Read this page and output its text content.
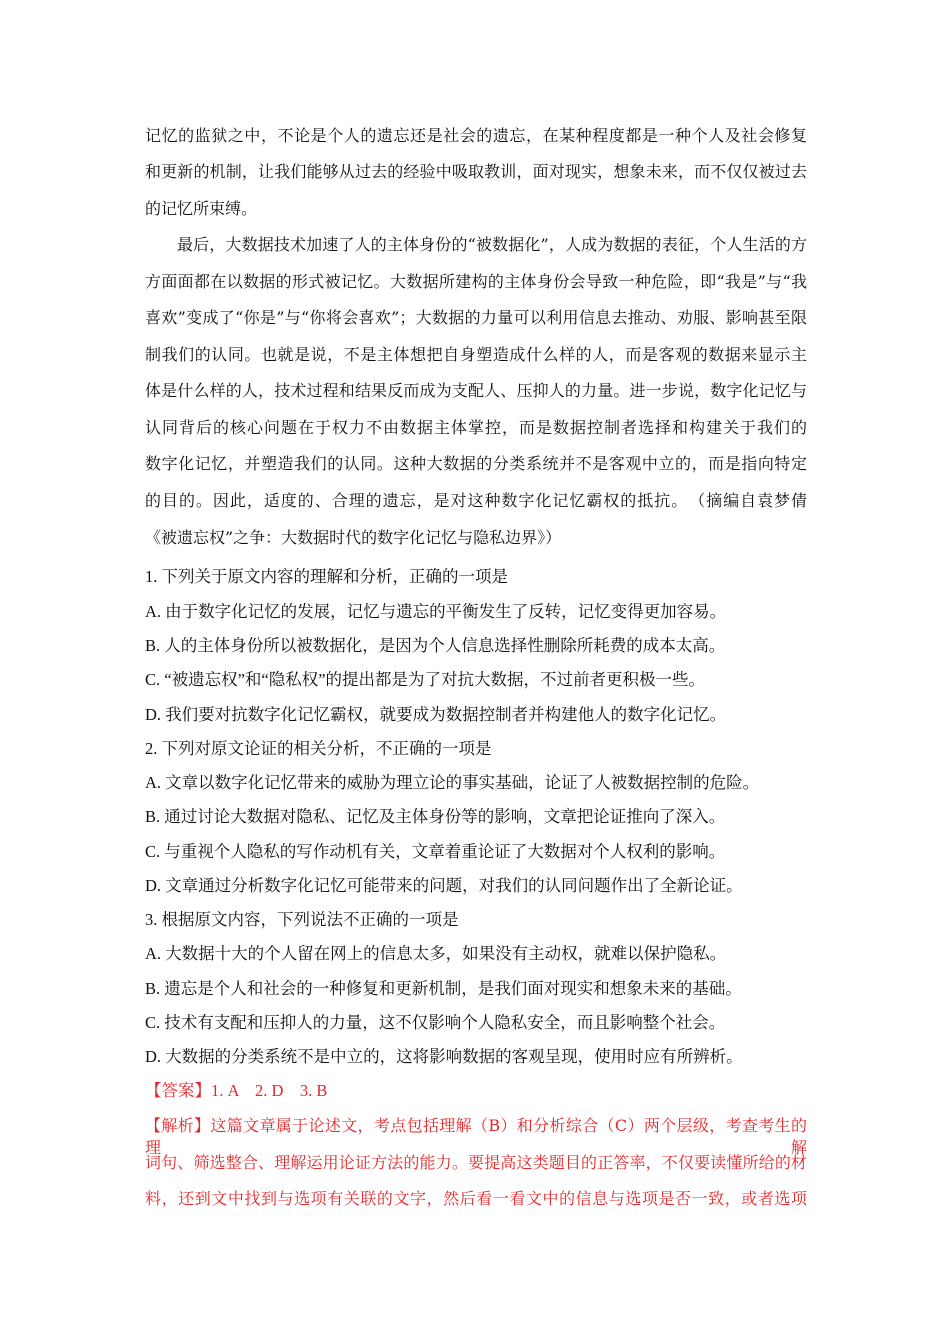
记忆的监狱之中，不论是个人的遗忘还是社会的遗忘，在某种程度都是一种个人及社会修复
和更新的机制，让我们能够从过去的经验中吸取教训，面对现实，想象未来，而不仅仅被过去
的记忆所束缚。
最后，大数据技术加速了人的主体身份的“被数据化”，人成为数据的表征，个人生活的方
方面面都在以数据的形式被记忆。大数据所建构的主体身份会导致一种危险，即“我是”与“我
喜欢”变成了“你是”与“你将会喜欢”；大数据的力量可以利用信息去推动、劝服、影响甚至限
制我们的认同。也就是说，不是主体想把自身塑造成什么样的人，而是客观的数据来显示主
体是什么样的人，技术过程和结果反而成为支配人、压抑人的力量。进一步说，数字化记忆与
认同背后的核心问题在于权力不由数据主体掌控，而是数据控制者选择和构建关于我们的
数字化记忆，并塑造我们的认同。这种大数据的分类系统并不是客观中立的，而是指向特定
的目的。因此，适度的、合理的遗忘，是对这种数字化记忆霸权的抵抗。　（摘编自袁梦倩
《被遗忘权”之争：大数据时代的数字化记忆与隐私边界》）
1. 下列关于原文内容的理解和分析，正确的一项是
A. 由于数字化记忆的发展，记忆与遗忘的平衡发生了反转，记忆变得更加容易。
B. 人的主体身份所以被数据化，是因为个人信息选择性删除所耗费的成本太高。
C. “被遗忘权”和“隐私权”的提出都是为了对抗大数据，不过前者更积极一些。
D. 我们要对抗数字化记忆霸权，就要成为数据控制者并构建他人的数字化记忆。
2. 下列对原文论证的相关分析，不正确的一项是
A. 文章以数字化记忆带来的威胁为理立论的事实基础，论证了人被数据控制的危险。
B. 通过讨论大数据对隐私、记忆及主体身份等的影响，文章把论证推向了深入。
C. 与重视个人隐私的写作动机有关，文章着重论证了大数据对个人权利的影响。
D. 文章通过分析数字化记忆可能带来的问题，对我们的认同问题作出了全新论证。
3. 根据原文内容，下列说法不正确的一项是
A. 大数据十大的个人留在网上的信息太多，如果没有主动权，就难以保护隐私。
B. 遗忘是个人和社会的一种修复和更新机制，是我们面对现实和想象未来的基础。
C. 技术有支配和压抑人的力量，这不仅影响个人隐私安全，而且影响整个社会。
D. 大数据的分类系统不是中立的，这将影响数据的客观呈现，使用时应有所辨析。
【答案】1. A　2. D　3. B
【解析】这篇文章属于论述文，考点包括理解（B）和分析综合（C）两个层级，考查考生的理解
词句、筛选整合、理解运用论证方法的能力。要提高这类题目的正答率，不仅要读懂所给的材
料，还到文中找到与选项有关联的文字，然后看一看文中的信息与选项是否一致，或者选项
